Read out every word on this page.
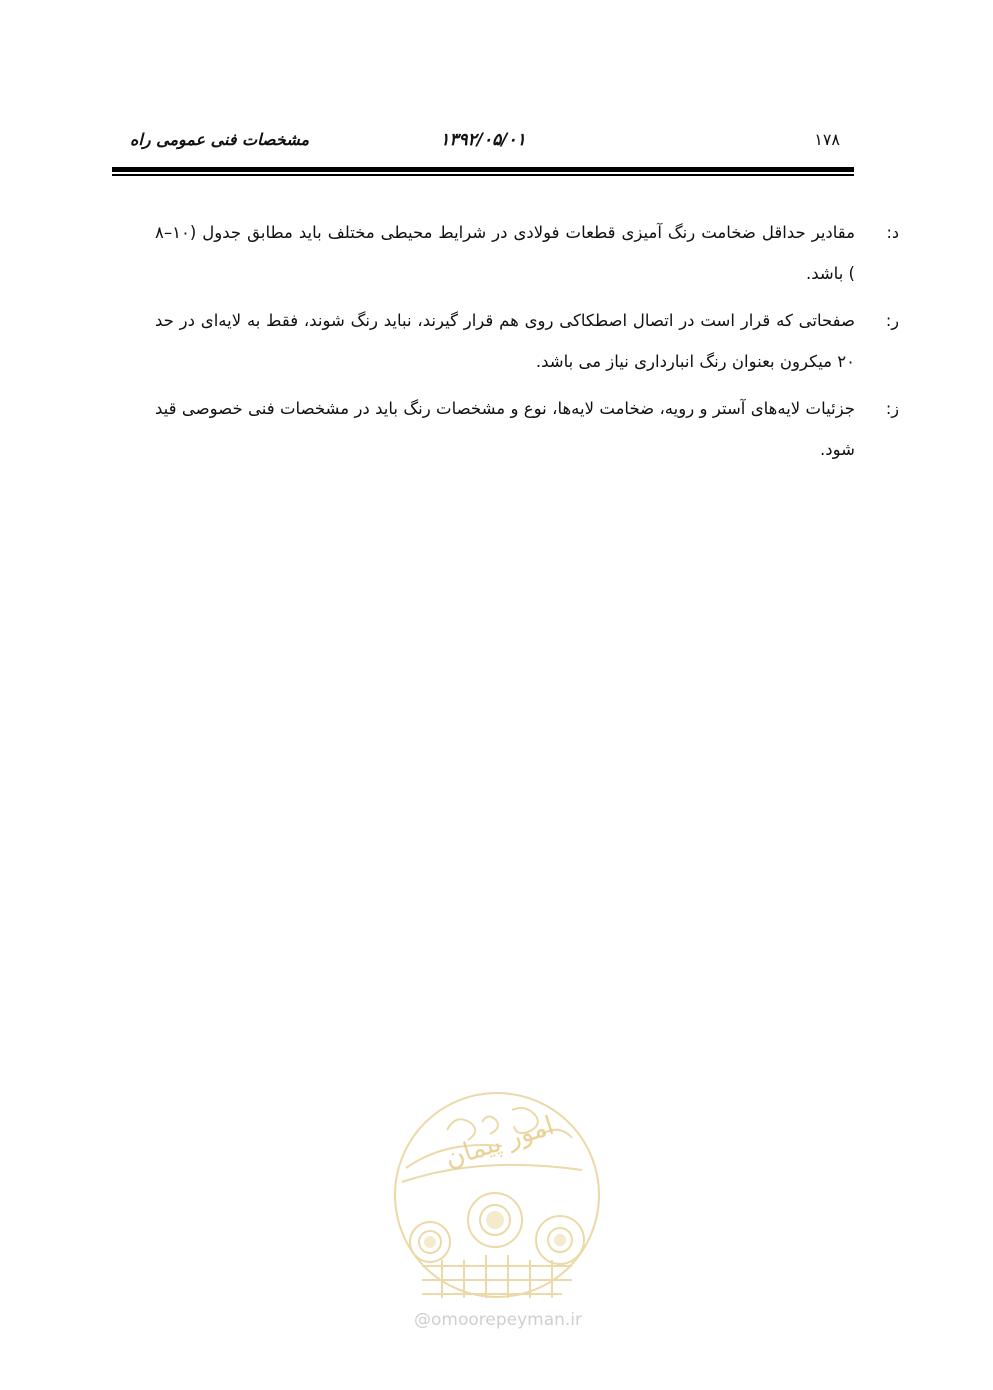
۱۷۸
۱۳۹۲/۰۵/۰۱
مشخصات فنی عمومی راه
د:
مقادیر حداقل ضخامت رنگ آمیزی قطعات فولادی در شرایط محیطی مختلف باید مطابق جدول (۱۰–۸ ) باشد.
ر:
صفحاتی که قرار است در اتصال اصطکاکی روی هم قرار گیرند، نباید رنگ شوند، فقط به لایه‌ای در حد ۲۰ میکرون بعنوان رنگ انبارداری نیاز می باشد.
ز:
جزئیات لایه‌های آستر و رویه، ضخامت لایه‌ها، نوع و مشخصات رنگ باید در مشخصات فنی خصوصی قید شود.
امور پیمان
@omoorepeyman.ir
